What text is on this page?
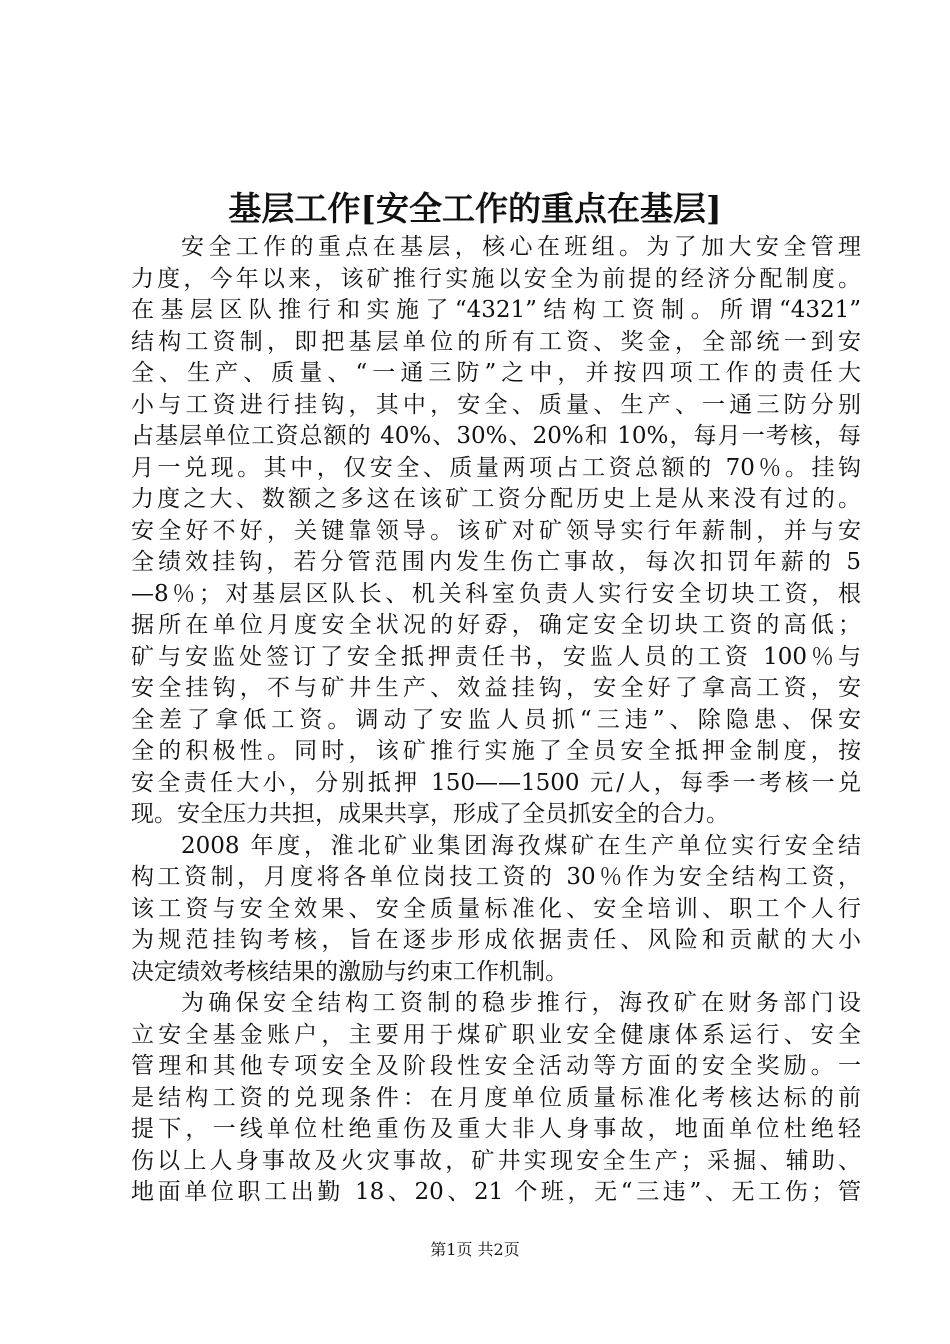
基层工作[安全工作的重点在基层]
安全工作的重点在基层，核心在班组。为了加大安全管理
力度，今年以来，该矿推行实施以安全为前提的经济分配制度。
在基层区队推行和实施了“4321”结构工资制。所谓“4321”
结构工资制，即把基层单位的所有工资、奖金，全部统一到安
全、生产、质量、“一通三防”之中，并按四项工作的责任大
小与工资进行挂钩，其中，安全、质量、生产、一通三防分别
占基层单位工资总额的 40%、30%、20%和 10%，每月一考核，每
月一兑现。其中，仅安全、质量两项占工资总额的 70％。挂钩
力度之大、数额之多这在该矿工资分配历史上是从来没有过的。
安全好不好，关键靠领导。该矿对矿领导实行年薪制，并与安
全绩效挂钩，若分管范围内发生伤亡事故，每次扣罚年薪的 5
—8％；对基层区队长、机关科室负责人实行安全切块工资，根
据所在单位月度安全状况的好孬，确定安全切块工资的高低；
矿与安监处签订了安全抵押责任书，安监人员的工资 100％与
安全挂钩，不与矿井生产、效益挂钩，安全好了拿高工资，安
全差了拿低工资。调动了安监人员抓“三违”、除隐患、保安
全的积极性。同时，该矿推行实施了全员安全抵押金制度，按
安全责任大小，分别抵押 150——1500 元/人，每季一考核一兑
现。安全压力共担，成果共享，形成了全员抓安全的合力。
2008 年度，淮北矿业集团海孜煤矿在生产单位实行安全结
构工资制，月度将各单位岗技工资的 30％作为安全结构工资，
该工资与安全效果、安全质量标准化、安全培训、职工个人行
为规范挂钩考核，旨在逐步形成依据责任、风险和贡献的大小
决定绩效考核结果的激励与约束工作机制。
为确保安全结构工资制的稳步推行，海孜矿在财务部门设
立安全基金账户，主要用于煤矿职业安全健康体系运行、安全
管理和其他专项安全及阶段性安全活动等方面的安全奖励。一
是结构工资的兑现条件：在月度单位质量标准化考核达标的前
提下，一线单位杜绝重伤及重大非人身事故，地面单位杜绝轻
伤以上人身事故及火灾事故，矿井实现安全生产；采掘、辅助、
地面单位职工出勤 18、20、21 个班，无“三违”、无工伤；管
第1页 共2页
